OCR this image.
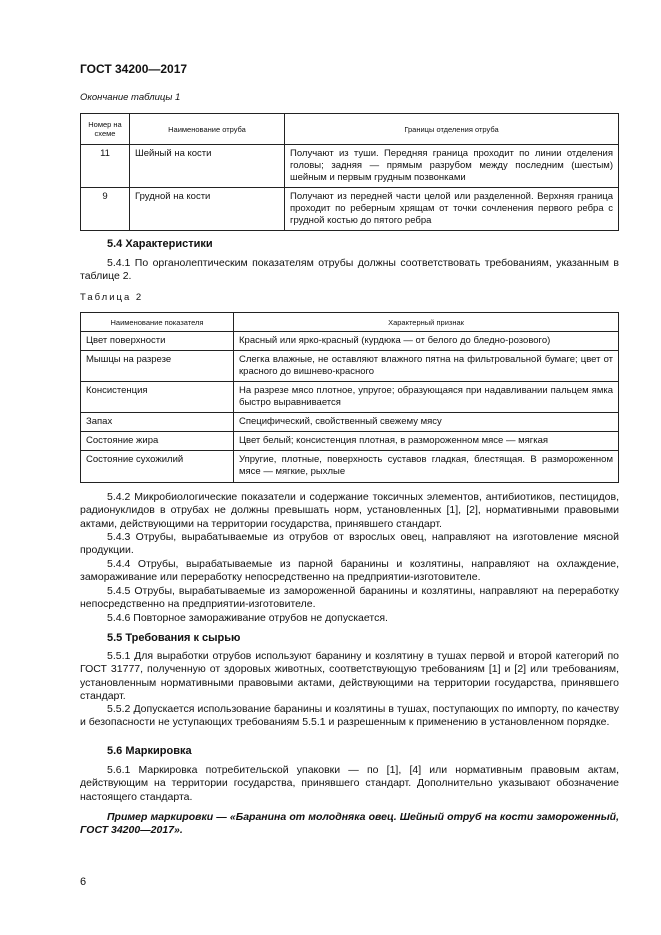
ГОСТ 34200—2017
Окончание таблицы 1
Номер на схеме	Наименование отруба	Границы отделения отруба
11	Шейный на кости	Получают из туши. Передняя граница проходит по линии отделения головы; задняя — прямым разрубом между последним (шестым) шейным и первым грудным позвонками
9	Грудной на кости	Получают из передней части целой или разделенной. Верхняя граница проходит по реберным хрящам от точки сочленения первого ребра с грудной костью до пятого ребра
5.4 Характеристики
5.4.1 По органолептическим показателям отрубы должны соответствовать требованиям, указанным в таблице 2.
Таблица 2
Наименование показателя	Характерный признак
Цвет поверхности	Красный или ярко-красный (курдюка — от белого до бледно-розового)
Мышцы на разрезе	Слегка влажные, не оставляют влажного пятна на фильтровальной бумаге; цвет от красного до вишнево-красного
Консистенция	На разрезе мясо плотное, упругое; образующаяся при надавливании пальцем ямка быстро выравнивается
Запах	Специфический, свойственный свежему мясу
Состояние жира	Цвет белый; консистенция плотная, в размороженном мясе — мягкая
Состояние сухожилий	Упругие, плотные, поверхность суставов гладкая, блестящая. В размороженном мясе — мягкие, рыхлые
5.4.2 Микробиологические показатели и содержание токсичных элементов, антибиотиков, пестицидов, радионуклидов в отрубах не должны превышать норм, установленных [1], [2], нормативными правовыми актами, действующими на территории государства, принявшего стандарт.
5.4.3 Отрубы, вырабатываемые из отрубов от взрослых овец, направляют на изготовление мясной продукции.
5.4.4 Отрубы, вырабатываемые из парной баранины и козлятины, направляют на охлаждение, замораживание или переработку непосредственно на предприятии-изготовителе.
5.4.5 Отрубы, вырабатываемые из замороженной баранины и козлятины, направляют на переработку непосредственно на предприятии-изготовителе.
5.4.6 Повторное замораживание отрубов не допускается.
5.5 Требования к сырью
5.5.1 Для выработки отрубов используют баранину и козлятину в тушах первой и второй категорий по ГОСТ 31777, полученную от здоровых животных, соответствующую требованиям [1] и [2] или требованиям, установленным нормативными правовыми актами, действующими на территории государства, принявшего стандарт.
5.5.2 Допускается использование баранины и козлятины в тушах, поступающих по импорту, по качеству и безопасности не уступающих требованиям 5.5.1 и разрешенным к применению в установленном порядке.
5.6 Маркировка
5.6.1 Маркировка потребительской упаковки — по [1], [4] или нормативным правовым актам, действующим на территории государства, принявшего стандарт. Дополнительно указывают обозначение настоящего стандарта.
Пример маркировки — «Баранина от молодняка овец. Шейный отруб на кости замороженный, ГОСТ 34200—2017».
6
